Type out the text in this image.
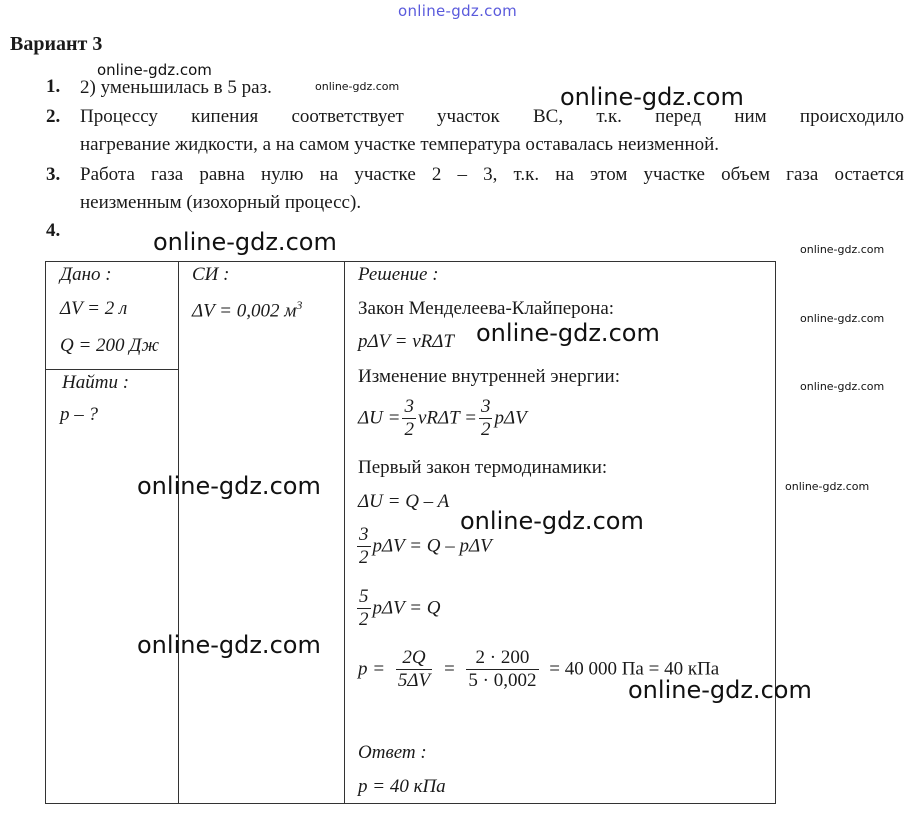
online-gdz.com
online-gdz.com
online-gdz.com	online-gdz.com
online-gdz.com	online-gdz.com
online-gdz.com
online-gdz.com
online-gdz.com
online-gdz.com
online-gdz.com
Вариант 3
1.	2) уменьшилась в 5 раз.
2.	Процессу кипения соответствует участок ВС, т.к. перед ним происходило
нагревание жидкости, а на самом участке температура оставалась неизменной.
3.	Работа газа равна нулю на участке 2 – 3, т.к. на этом участке объем газа остается
неизменным (изохорный процесс).
4.
Дано :
ΔV = 2 л
Q = 200 Дж

СИ :
ΔV = 0,002 $м^3$

Решение :
Закон Менделеева-Клайперона:
pΔV = νRΔT
Изменение внутренней энергии:
$\Delta U = \frac{3}{2}$ $\nu R\Delta T = \frac{3}{2}$ pΔV
Первый закон термодинамики:
ΔU = Q – A
$\frac{3}{2}$ pΔV = Q – pΔV
$\frac{5}{2}$ pΔV = Q
$p = \frac{2Q}{5\Delta V} = \frac{2 \cdot 200}{5 \cdot 0,002} = 40$ 000 Па = 40 кПа
Ответ :
p = 40 кПа

Найти :
p – ?
online-gdz.com
online-gdz.com
online-gdz.com
